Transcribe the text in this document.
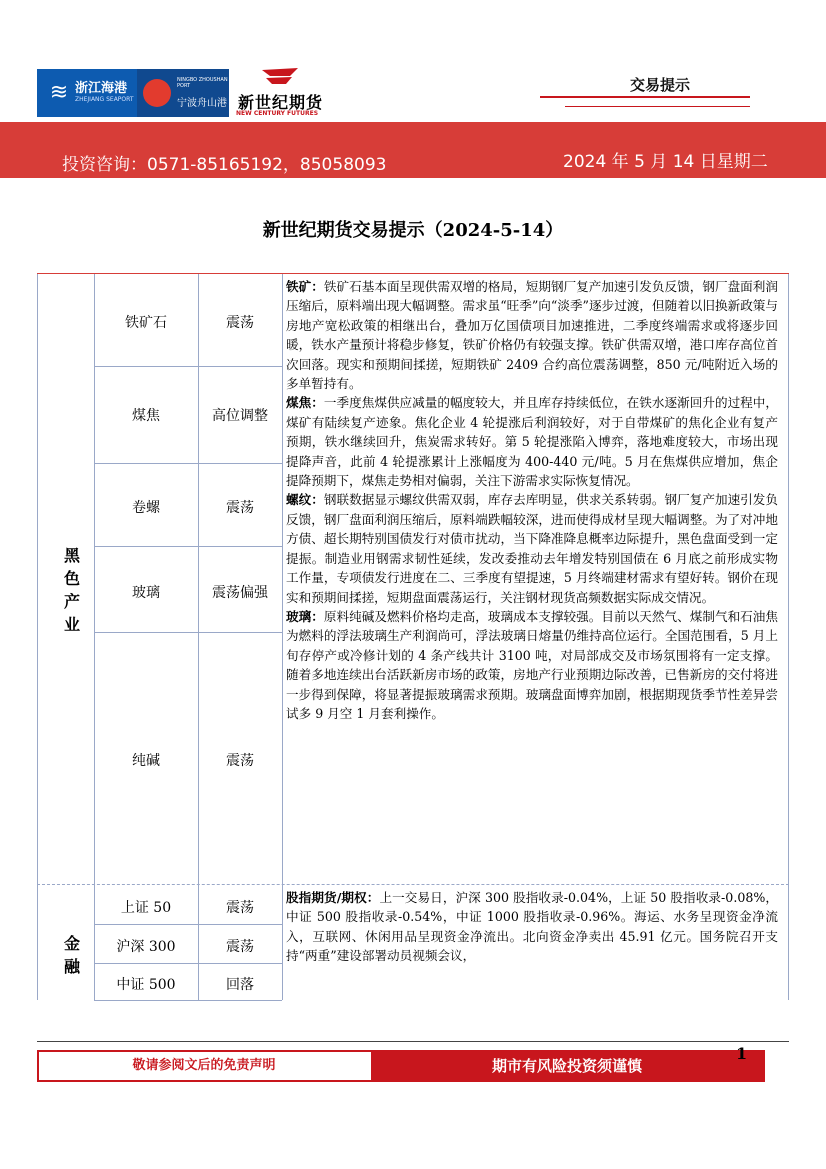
≋ 浙江海港
ZHEJIANG SEAPORT
NINGBO ZHOUSHAN PORT
宁波舟山港 新世纪期货
NEW CENTURY FUTURES
交易提示
投资咨询：0571-85165192，85058093	2024 年 5 月 14 日星期二
新世纪期货交易提示（2024-5-14）
黑
色
产
业
铁矿石	震荡
煤焦	高位调整
卷螺	震荡
玻璃	震荡偏强
纯碱	震荡
铁矿：铁矿石基本面呈现供需双增的格局，短期钢厂复产加速引发负反馈，钢厂盘面利润压缩后，原料端出现大幅调整。需求虽“旺季”向“淡季”逐步过渡，但随着以旧换新政策与房地产宽松政策的相继出台，叠加万亿国债项目加速推进，二季度终端需求或将逐步回暖，铁水产量预计将稳步修复，铁矿价格仍有较强支撑。铁矿供需双增，港口库存高位首次回落。现实和预期间揉搓，短期铁矿 2409 合约高位震荡调整，850 元/吨附近入场的多单暂持有。
煤焦：一季度焦煤供应减量的幅度较大，并且库存持续低位，在铁水逐渐回升的过程中，煤矿有陆续复产迹象。焦化企业 4 轮提涨后利润较好，对于自带煤矿的焦化企业有复产预期，铁水继续回升，焦炭需求转好。第 5 轮提涨陷入博弈，落地难度较大，市场出现提降声音，此前 4 轮提涨累计上涨幅度为 400-440 元/吨。5 月在焦煤供应增加，焦企提降预期下，煤焦走势相对偏弱，关注下游需求实际恢复情况。
螺纹：钢联数据显示螺纹供需双弱，库存去库明显，供求关系转弱。钢厂复产加速引发负反馈，钢厂盘面利润压缩后，原料端跌幅较深，进而使得成材呈现大幅调整。为了对冲地方债、超长期特别国债发行对债市扰动，当下降准降息概率边际提升，黑色盘面受到一定提振。制造业用钢需求韧性延续，发改委推动去年增发特别国债在 6 月底之前形成实物工作量，专项债发行进度在二、三季度有望提速，5 月终端建材需求有望好转。钢价在现实和预期间揉搓，短期盘面震荡运行，关注钢材现货高频数据实际成交情况。
玻璃：原料纯碱及燃料价格均走高，玻璃成本支撑较强。目前以天然气、煤制气和石油焦为燃料的浮法玻璃生产利润尚可，浮法玻璃日熔量仍维持高位运行。全国范围看，5 月上旬存停产或冷修计划的 4 条产线共计 3100 吨，对局部成交及市场氛围将有一定支撑。随着多地连续出台活跃新房市场的政策，房地产行业预期边际改善，已售新房的交付将进一步得到保障，将显著提振玻璃需求预期。玻璃盘面博弈加剧，根据期现货季节性差异尝试多 9 月空 1 月套利操作。
金
融
上证 50	震荡
沪深 300	震荡
中证 500	回落
股指期货/期权：上一交易日，沪深 300 股指收录-0.04%，上证 50 股指收录-0.08%，中证 500 股指收录-0.54%，中证 1000 股指收录-0.96%。海运、水务呈现资金净流入，互联网、休闲用品呈现资金净流出。北向资金净卖出 45.91 亿元。国务院召开支持“两重”建设部署动员视频会议，
敬请参阅文后的免责声明	期市有风险投资须谨慎
1
